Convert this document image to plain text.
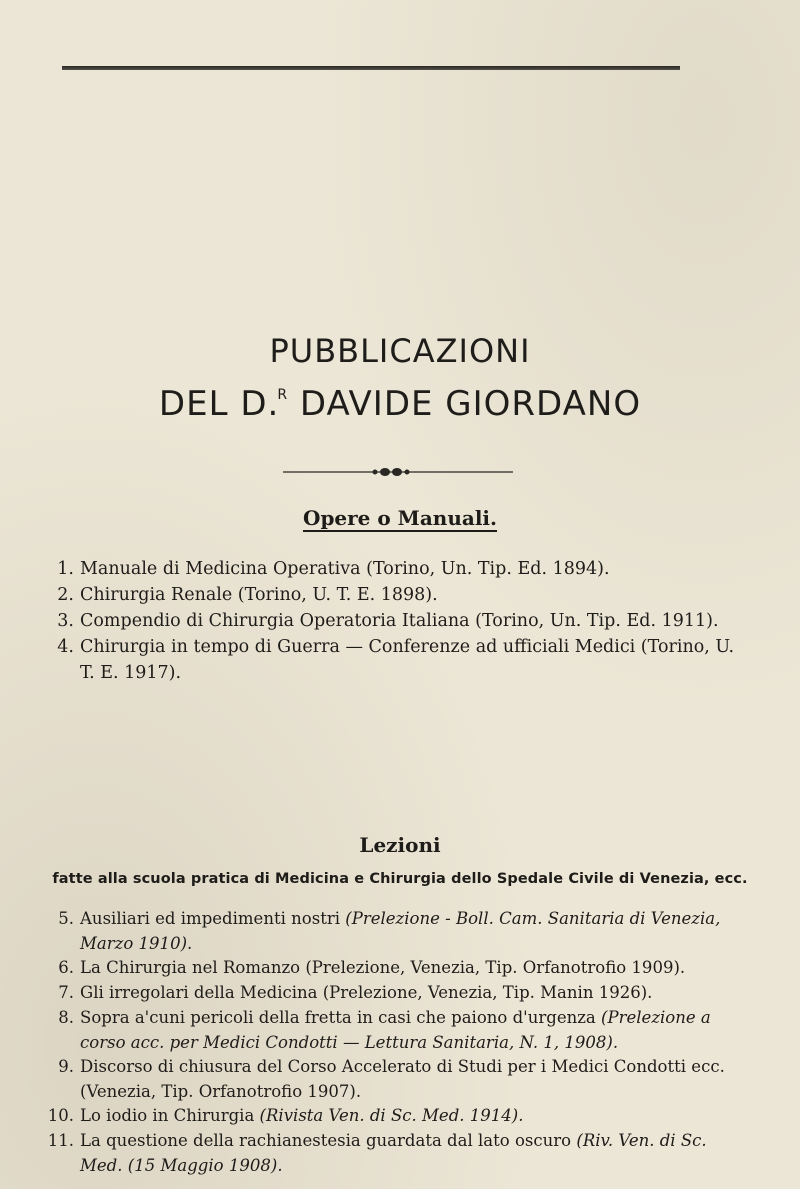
PUBBLICAZIONI
DEL D.$^R$ DAVIDE GIORDANO
Opere o Manuali.
1. Manuale di Medicina Operativa (Torino, Un. Tip. Ed. 1894).
2. Chirurgia Renale (Torino, U. T. E. 1898).
3. Compendio di Chirurgia Operatoria Italiana (Torino, Un. Tip. Ed. 1911).
4. Chirurgia in tempo di Guerra — Conferenze ad ufficiali Medici (Torino, U. T. E. 1917).
Lezioni
fatte alla scuola pratica di Medicina e Chirurgia dello Spedale Civile di Venezia, ecc.
5. Ausiliari ed impedimenti nostri (Prelezione - Boll. Cam. Sanitaria di Venezia, Marzo 1910).
6. La Chirurgia nel Romanzo (Prelezione, Venezia, Tip. Orfanotrofio 1909).
7. Gli irregolari della Medicina (Prelezione, Venezia, Tip. Manin 1926).
8. Sopra a'cuni pericoli della fretta in casi che paiono d'urgenza (Prelezione a corso acc. per Medici Condotti — Lettura Sanitaria, N. 1, 1908).
9. Discorso di chiusura del Corso Accelerato di Studi per i Medici Condotti ecc. (Venezia, Tip. Orfanotrofio 1907).
10. Lo iodio in Chirurgia (Rivista Ven. di Sc. Med. 1914).
11. La questione della rachianestesia guardata dal lato oscuro (Riv. Ven. di Sc. Med. (15 Maggio 1908).
